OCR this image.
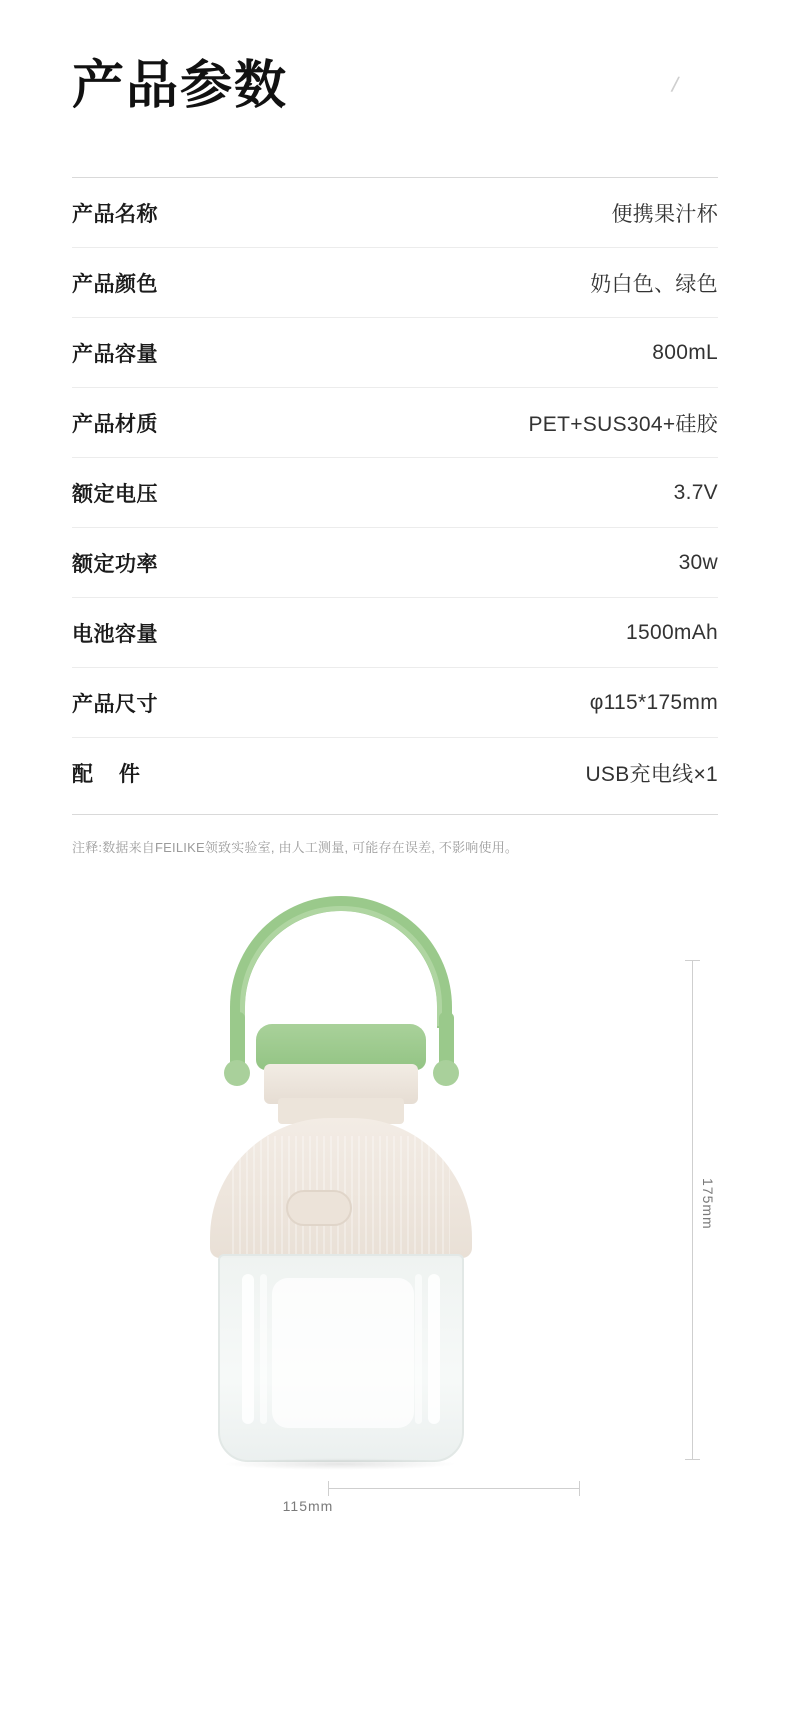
产品参数	/
产品名称	便携果汁杯
产品颜色	奶白色、绿色
产品容量	800mL
产品材质	PET+SUS304+硅胶
额定电压	3.7V
额定功率	30w
电池容量	1500mAh
产品尺寸	φ115*175mm
配    件	USB充电线×1
注释:数据来自FEILIKE领致实验室, 由人工测量, 可能存在误差, 不影响使用。
175mm
115mm
